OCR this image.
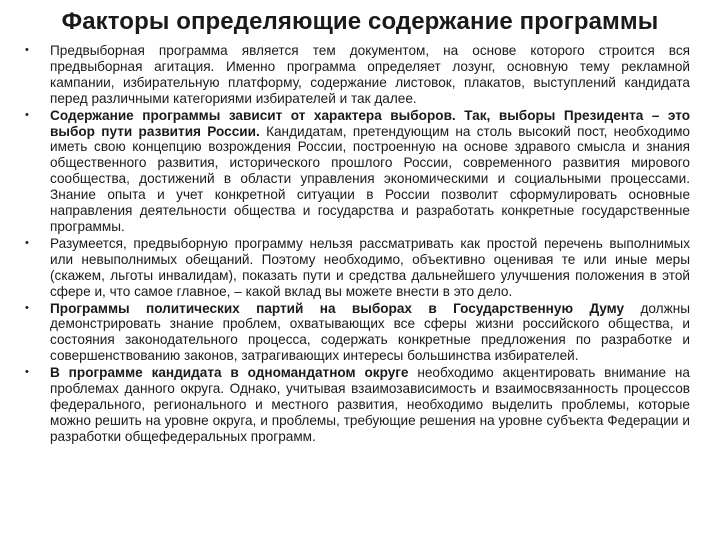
Факторы определяющие содержание программы
• Предвыборная программа является тем документом, на основе которого строится вся предвыборная агитация. Именно программа определяет лозунг, основную тему рекламной кампании, избирательную платформу, содержание листовок, плакатов, выступлений кандидата перед различными категориями избирателей и так далее.
• Содержание программы зависит от характера выборов. Так, выборы Президента – это выбор пути развития России. Кандидатам, претендующим на столь высокий пост, необходимо иметь свою концепцию возрождения России, построенную на основе здравого смысла и знания общественного развития, исторического прошлого России, современного развития мирового сообщества, достижений в области управления экономическими и социальными процессами. Знание опыта и учет конкретной ситуации в России позволит сформулировать основные направления деятельности общества и государства и разработать конкретные государственные программы.
• Разумеется, предвыборную программу нельзя рассматривать как простой перечень выполнимых или невыполнимых обещаний. Поэтому необходимо, объективно оценивая те или иные меры (скажем, льготы инвалидам), показать пути и средства дальнейшего улучшения положения в этой сфере и, что самое главное, – какой вклад вы можете внести в это дело.
• Программы политических партий на выборах в Государственную Думу должны демонстрировать знание проблем, охватывающих все сферы жизни российского общества, и состояния законодательного процесса, содержать конкретные предложения по разработке и совершенствованию законов, затрагивающих интересы большинства избирателей.
• В программе кандидата в одномандатном округе необходимо акцентировать внимание на проблемах данного округа. Однако, учитывая взаимозависимость и взаимосвязанность процессов федерального, регионального и местного развития, необходимо выделить проблемы, которые можно решить на уровне округа, и проблемы, требующие решения на уровне субъекта Федерации и разработки общефедеральных программ.
